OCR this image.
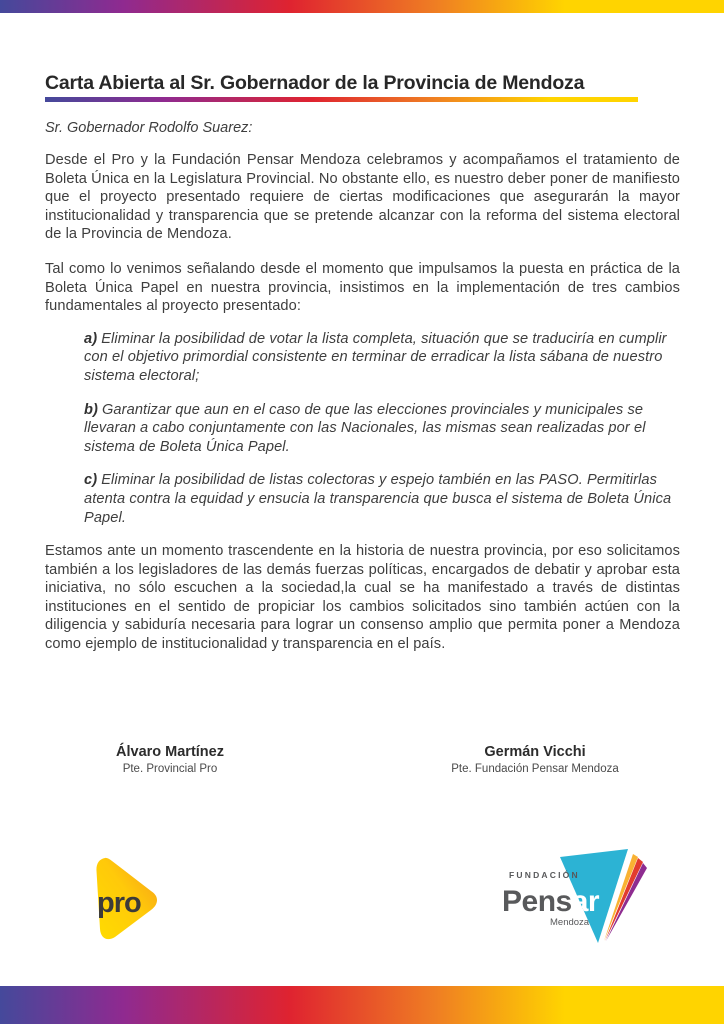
Carta Abierta al Sr. Gobernador de la Provincia de Mendoza
Sr. Gobernador Rodolfo Suarez:

Desde el Pro y la Fundación Pensar Mendoza celebramos y acompañamos el tratamiento de Boleta Única en la Legislatura Provincial. No obstante ello, es nuestro deber poner de manifiesto que el proyecto presentado requiere de ciertas modificaciones que asegurarán la mayor institucionalidad y transparencia que se pretende alcanzar con la reforma del sistema electoral de la Provincia de Mendoza.

Tal como lo venimos señalando desde el momento que impulsamos la puesta en práctica de la Boleta Única Papel en nuestra provincia, insistimos en la implementación de tres cambios fundamentales al proyecto presentado:

a) Eliminar la posibilidad de votar la lista completa, situación que se traduciría en cumplir con el objetivo primordial consistente en terminar de erradicar la lista sábana de nuestro sistema electoral;
b) Garantizar que aun en el caso de que las elecciones provinciales y municipales se llevaran a cabo conjuntamente con las Nacionales, las mismas sean realizadas por el sistema de Boleta Única Papel.
c) Eliminar la posibilidad de listas colectoras y espejo también en las PASO. Permitirlas atenta contra la equidad y ensucia la transparencia que busca el sistema de Boleta Única Papel.

Estamos ante un momento trascendente en la historia de nuestra provincia, por eso solicitamos también a los legisladores de las demás fuerzas políticas, encargados de debatir y aprobar esta iniciativa, no sólo escuchen a la sociedad,la cual se ha manifestado a través de distintas instituciones en el sentido de propiciar los cambios solicitados sino también actúen con la diligencia y sabiduría necesaria para lograr un consenso amplio que permita poner a Mendoza como ejemplo de institucionalidad y transparencia en el país.

Álvaro Martínez
Pte. Provincial Pro
Germán Vicchi
Pte. Fundación Pensar Mendoza
pro
FUNDACIÓN
Pensar
Mendoza
